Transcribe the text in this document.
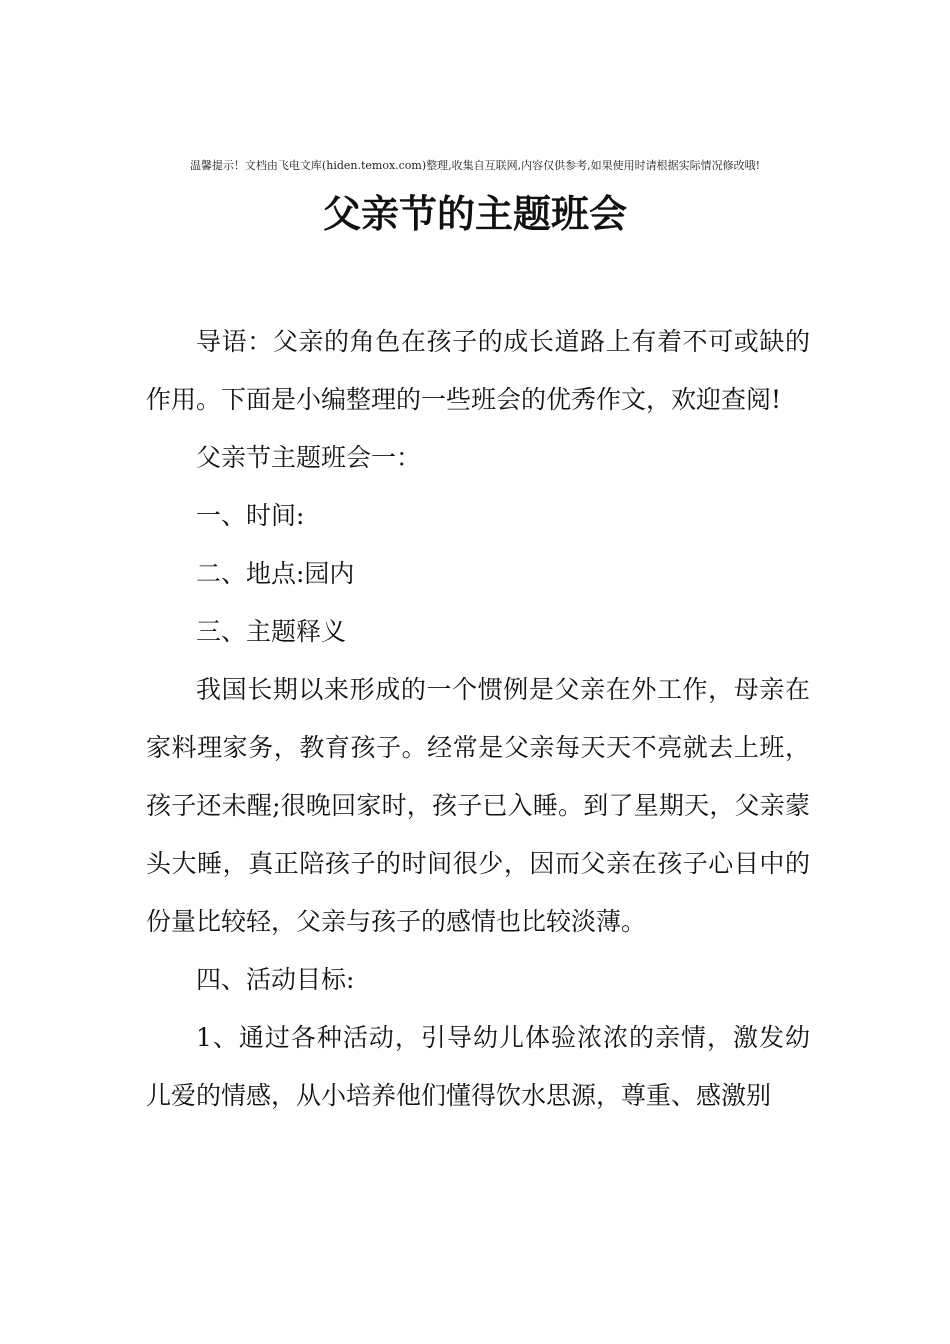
温馨提示！文档由飞电文库(hiden.temox.com)整理,收集自互联网,内容仅供参考,如果使用时请根据实际情况修改哦!
父亲节的主题班会

导语：父亲的角色在孩子的成长道路上有着不可或缺的作用。下面是小编整理的一些班会的优秀作文，欢迎查阅!

父亲节主题班会一：

一、时间:

二、地点:园内

三、主题释义

我国长期以来形成的一个惯例是父亲在外工作，母亲在家料理家务，教育孩子。经常是父亲每天天不亮就去上班，孩子还未醒;很晚回家时，孩子已入睡。到了星期天，父亲蒙头大睡，真正陪孩子的时间很少，因而父亲在孩子心目中的份量比较轻，父亲与孩子的感情也比较淡薄。

四、活动目标:

1、通过各种活动，引导幼儿体验浓浓的亲情，激发幼儿爱的情感，从小培养他们懂得饮水思源，尊重、感激别
